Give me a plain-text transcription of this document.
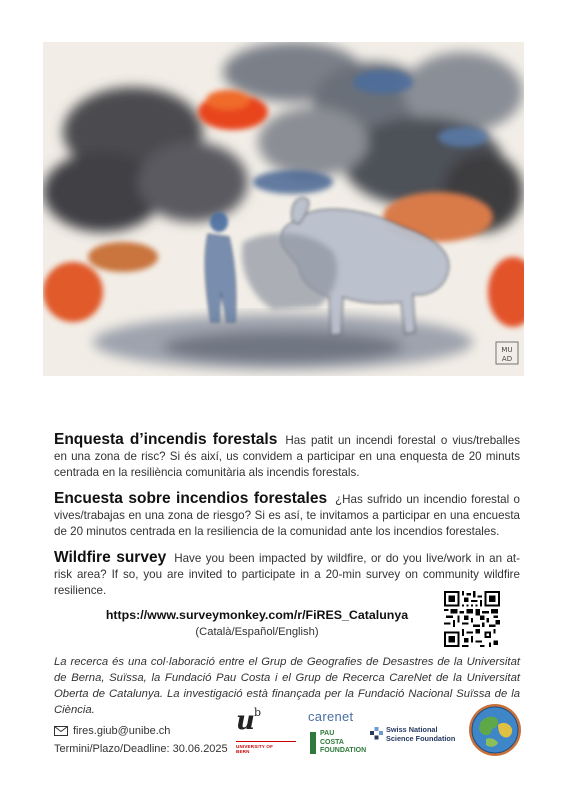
MU
AD
Enquesta d’incendis forestals Has patit un incendi forestal o vius/treballes en una zona de risc? Si és així, us convidem a participar en una enquesta de 20 minuts centrada en la resiliència comunitària als incendis forestals.
Encuesta sobre incendios forestales ¿Has sufrido un incendio forestal o vives/trabajas en una zona de riesgo? Si es así, te invitamos a participar en una encuesta de 20 minutos centrada en la resiliencia de la comunidad ante los incendios forestales.
Wildfire survey Have you been impacted by wildfire, or do you live/work in an at-risk area? If so, you are invited to participate in a 20-min survey on community wildfire resilience.
https://www.surveymonkey.com/r/FiRES_Catalunya
(Català/Español/English)
La recerca és una col·laboració entre el Grup de Geografies de Desastres de la Universitat de Berna, Suïssa, la Fundació Pau Costa i el Grup de Recerca CareNet de la Universitat Oberta de Catalunya. La investigació està finançada per la Fundació Nacional Suïssa de la Ciència.
fires.giub@unibe.ch
Termini/Plazo/Deadline: 30.06.2025
u b
UNIVERSITY OF BERN
carenet
PAU
COSTA
FOUNDATION
Swiss National
Science Foundation
